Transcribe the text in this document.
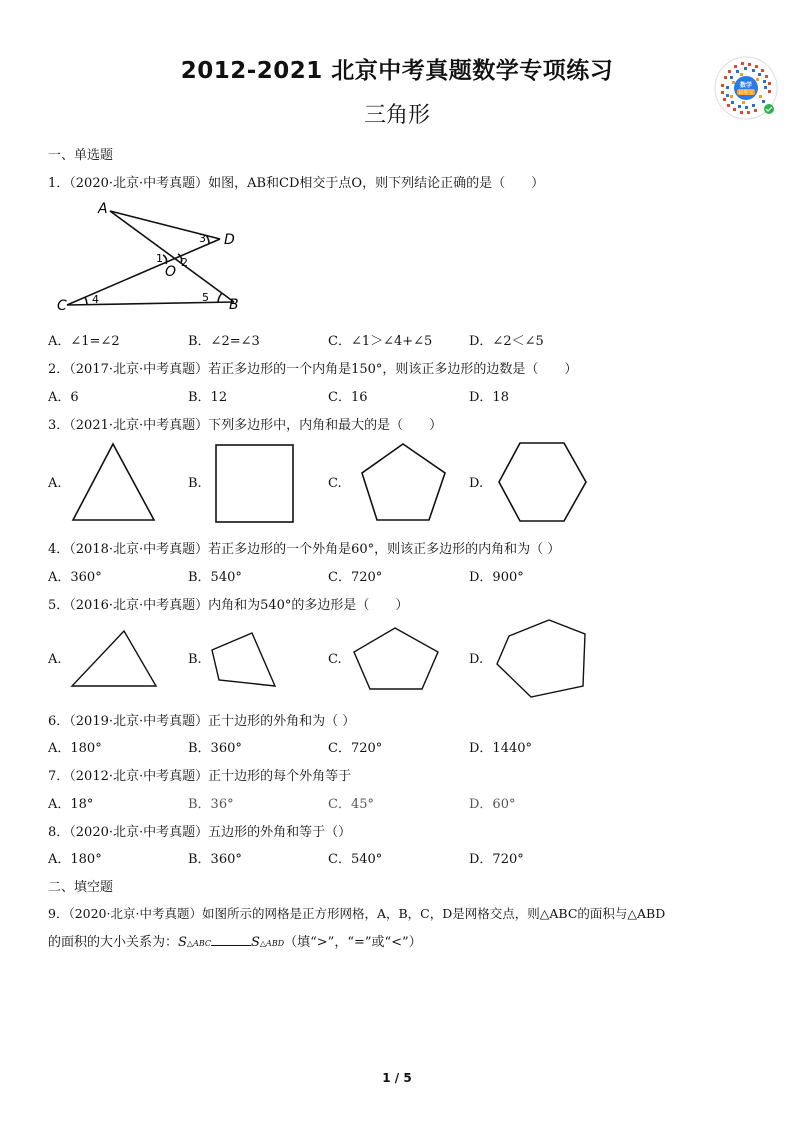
2012-2021 北京中考真题数学专项练习
三角形
数学
试卷宝
一、单选题
1．（2020·北京·中考真题）如图，AB和CD相交于点O，则下列结论正确的是（　　）
A
D
C	B
O
1 2
3
4	5
A．∠1=∠2	B．∠2=∠3	C．∠1＞∠4+∠5	D．∠2＜∠5
2．（2017·北京·中考真题）若正多边形的一个内角是150°，则该正多边形的边数是（　　）
A．6	B．12	C．16	D．18
3．（2021·北京·中考真题）下列多边形中，内角和最大的是（　　）
A.	B.	C.	D.
4．（2018·北京·中考真题）若正多边形的一个外角是60°，则该正多边形的内角和为（ ）
A．360°	B．540°	C．720°	D．900°
5．（2016·北京·中考真题）内角和为540°的多边形是（　　）
A.	B.	C.	D.
6．（2019·北京·中考真题）正十边形的外角和为（ ）
A．180°	B．360°	C．720°	D．1440°
7．（2012·北京·中考真题）正十边形的每个外角等于
A．18°	B．36°	C．45°	D．60°
8．（2020·北京·中考真题）五边形的外角和等于（）
A．180°	B．360°	C．540°	D．720°
二、填空题
9．（2020·北京·中考真题）如图所示的网格是正方形网格，A，B，C，D是网格交点，则△ABC的面积与△ABD
的面积的大小关系为：S△ABC	S△ABD（填“>”，“=”或“<”）
1 / 5
